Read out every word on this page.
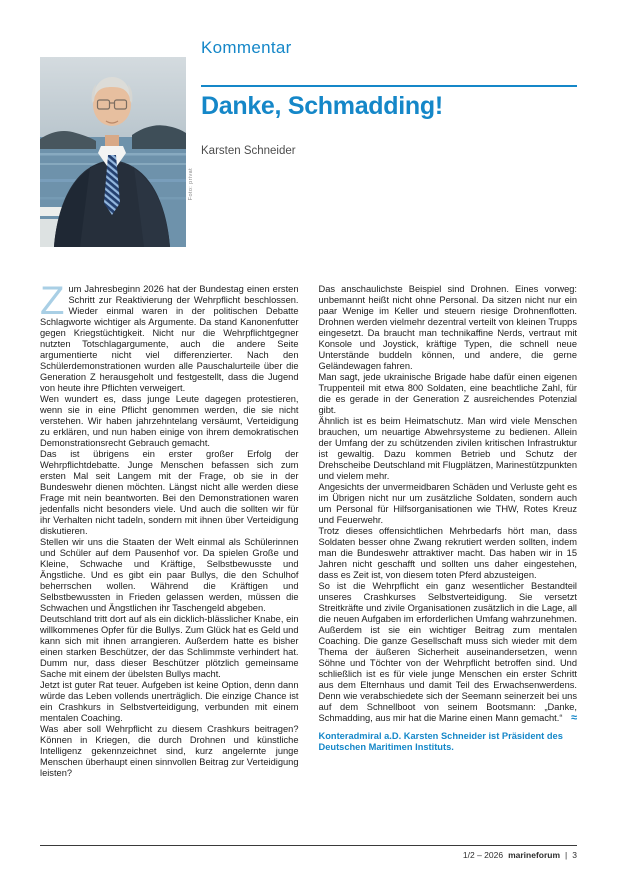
Foto: privat
Kommentar
Danke, Schmadding!
Karsten Schneider

Zum Jahresbeginn 2026 hat der Bundestag einen ersten Schritt zur Reaktivierung der Wehrpflicht beschlossen. Wieder einmal waren in der politischen Debatte Schlagworte wichtiger als Argumente. Da stand Kanonenfutter gegen Kriegstüchtigkeit. Nicht nur die Wehrpflichtgegner nutzten Totschlagargumente, auch die andere Seite argumentierte nicht viel differenzierter. Nach den Schülerdemonstrationen wurden alle Pauschalurteile über die Generation Z herausgeholt und festgestellt, dass die Jugend von heute ihre Pflichten verweigert.

Wen wundert es, dass junge Leute dagegen protestieren, wenn sie in eine Pflicht genommen werden, die sie nicht verstehen. Wir haben jahrzehntelang versäumt, Verteidigung zu erklären, und nun haben einige von ihrem demokratischen Demonstrationsrecht Gebrauch gemacht.

Das ist übrigens ein erster großer Erfolg der Wehrpflichtdebatte. Junge Menschen befassen sich zum ersten Mal seit Langem mit der Frage, ob sie in der Bundeswehr dienen möchten. Längst nicht alle werden diese Frage mit nein beantworten. Bei den Demonstrationen waren jedenfalls nicht besonders viele. Und auch die sollten wir für ihr Verhalten nicht tadeln, sondern mit ihnen über Verteidigung diskutieren.

Stellen wir uns die Staaten der Welt einmal als Schülerinnen und Schüler auf dem Pausenhof vor. Da spielen Große und Kleine, Schwache und Kräftige, Selbstbewusste und Ängstliche. Und es gibt ein paar Bullys, die den Schulhof beherrschen wollen. Während die Kräftigen und Selbstbewussten in Frieden gelassen werden, müssen die Schwachen und Ängstlichen ihr Taschengeld abgeben.

Deutschland tritt dort auf als ein dicklich-blässlicher Knabe, ein willkommenes Opfer für die Bullys. Zum Glück hat es Geld und kann sich mit ihnen arrangieren. Außerdem hatte es bisher einen starken Beschützer, der das Schlimmste verhindert hat. Dumm nur, dass dieser Beschützer plötzlich gemeinsame Sache mit einem der übelsten Bullys macht.

Jetzt ist guter Rat teuer. Aufgeben ist keine Option, denn dann würde das Leben vollends unerträglich. Die einzige Chance ist ein Crashkurs in Selbstverteidigung, verbunden mit einem mentalen Coaching.

Was aber soll Wehrpflicht zu diesem Crashkurs beitragen? Können in Kriegen, die durch Drohnen und künstliche Intelligenz gekennzeichnet sind, kurz angelernte junge Menschen überhaupt einen sinnvollen Beitrag zur Verteidigung leisten?

Das anschaulichste Beispiel sind Drohnen. Eines vorweg: unbemannt heißt nicht ohne Personal. Da sitzen nicht nur ein paar Wenige im Keller und steuern riesige Drohnenflotten. Drohnen werden vielmehr dezentral verteilt von kleinen Trupps eingesetzt. Da braucht man technikaffine Nerds, vertraut mit Konsole und Joystick, kräftige Typen, die schnell neue Unterstände buddeln können, und andere, die gerne Geländewagen fahren.

Man sagt, jede ukrainische Brigade habe dafür einen eigenen Truppenteil mit etwa 800 Soldaten, eine beachtliche Zahl, für die es gerade in der Generation Z ausreichendes Potenzial gibt.

Ähnlich ist es beim Heimatschutz. Man wird viele Menschen brauchen, um neuartige Abwehrsysteme zu bedienen. Allein der Umfang der zu schützenden zivilen kritischen Infrastruktur ist gewaltig. Dazu kommen Betrieb und Schutz der Drehscheibe Deutschland mit Flugplätzen, Marinestützpunkten und vielem mehr.

Angesichts der unvermeidbaren Schäden und Verluste geht es im Übrigen nicht nur um zusätzliche Soldaten, sondern auch um Personal für Hilfsorganisationen wie THW, Rotes Kreuz und Feuerwehr.

Trotz dieses offensichtlichen Mehrbedarfs hört man, dass Soldaten besser ohne Zwang rekrutiert werden sollten, indem man die Bundeswehr attraktiver macht. Das haben wir in 15 Jahren nicht geschafft und sollten uns daher eingestehen, dass es Zeit ist, von diesem toten Pferd abzusteigen.

So ist die Wehrpflicht ein ganz wesentlicher Bestandteil unseres Crashkurses Selbstverteidigung. Sie versetzt Streitkräfte und zivile Organisationen zusätzlich in die Lage, all die neuen Aufgaben im erforderlichen Umfang wahrzunehmen.

Außerdem ist sie ein wichtiger Beitrag zum mentalen Coaching. Die ganze Gesellschaft muss sich wieder mit dem Thema der äußeren Sicherheit auseinandersetzen, wenn Söhne und Töchter von der Wehrpflicht betroffen sind. Und schließlich ist es für viele junge Menschen ein erster Schritt aus dem Elternhaus und damit Teil des Erwachsenwerdens. Denn wie verabschiedete sich der Seemann seinerzeit bei uns auf dem Schnellboot von seinem Bootsmann: „Danke, Schmadding, aus mir hat die Marine einen Mann gemacht.“ ≈

Konteradmiral a.D. Karsten Schneider ist Präsident des Deutschen Maritimen Instituts.

1/2 – 2026 marineforum | 3
